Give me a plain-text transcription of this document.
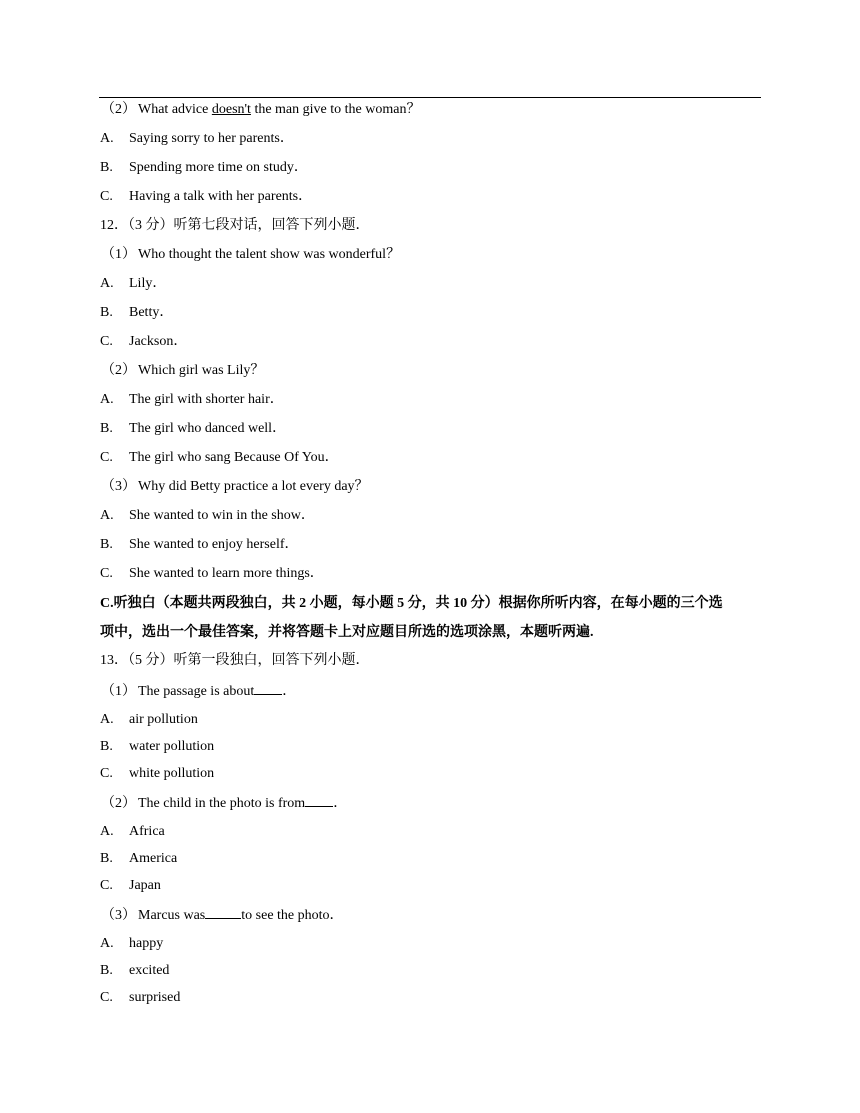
（2） What advice doesn't the man give to the woman？
A. Saying sorry to her parents．
B. Spending more time on study．
C. Having a talk with her parents．
12．（3 分）听第七段对话，回答下列小题．
（1） Who thought the talent show was wonderful？
A. Lily．
B. Betty．
C. Jackson．
（2） Which girl was Lily？
A. The girl with shorter hair．
B. The girl who danced well．
C. The girl who sang Because Of You．
（3） Why did Betty practice a lot every day？
A. She wanted to win in the show．
B. She wanted to enjoy herself．
C. She wanted to learn more things．
C.听独白（本题共两段独白，共 2 小题，每小题 5 分，共 10 分）根据你所听内容，在每小题的三个选
项中，选出一个最佳答案，并将答题卡上对应题目所选的选项涂黑，本题听两遍.
13．（5 分）听第一段独白，回答下列小题．
（1） The passage is about ．
A. air pollution
B. water pollution
C. white pollution
（2） The child in the photo is from ．
A. Africa
B. America
C. Japan
（3） Marcus was	to see the photo．
A. happy
B. excited
C. surprised
